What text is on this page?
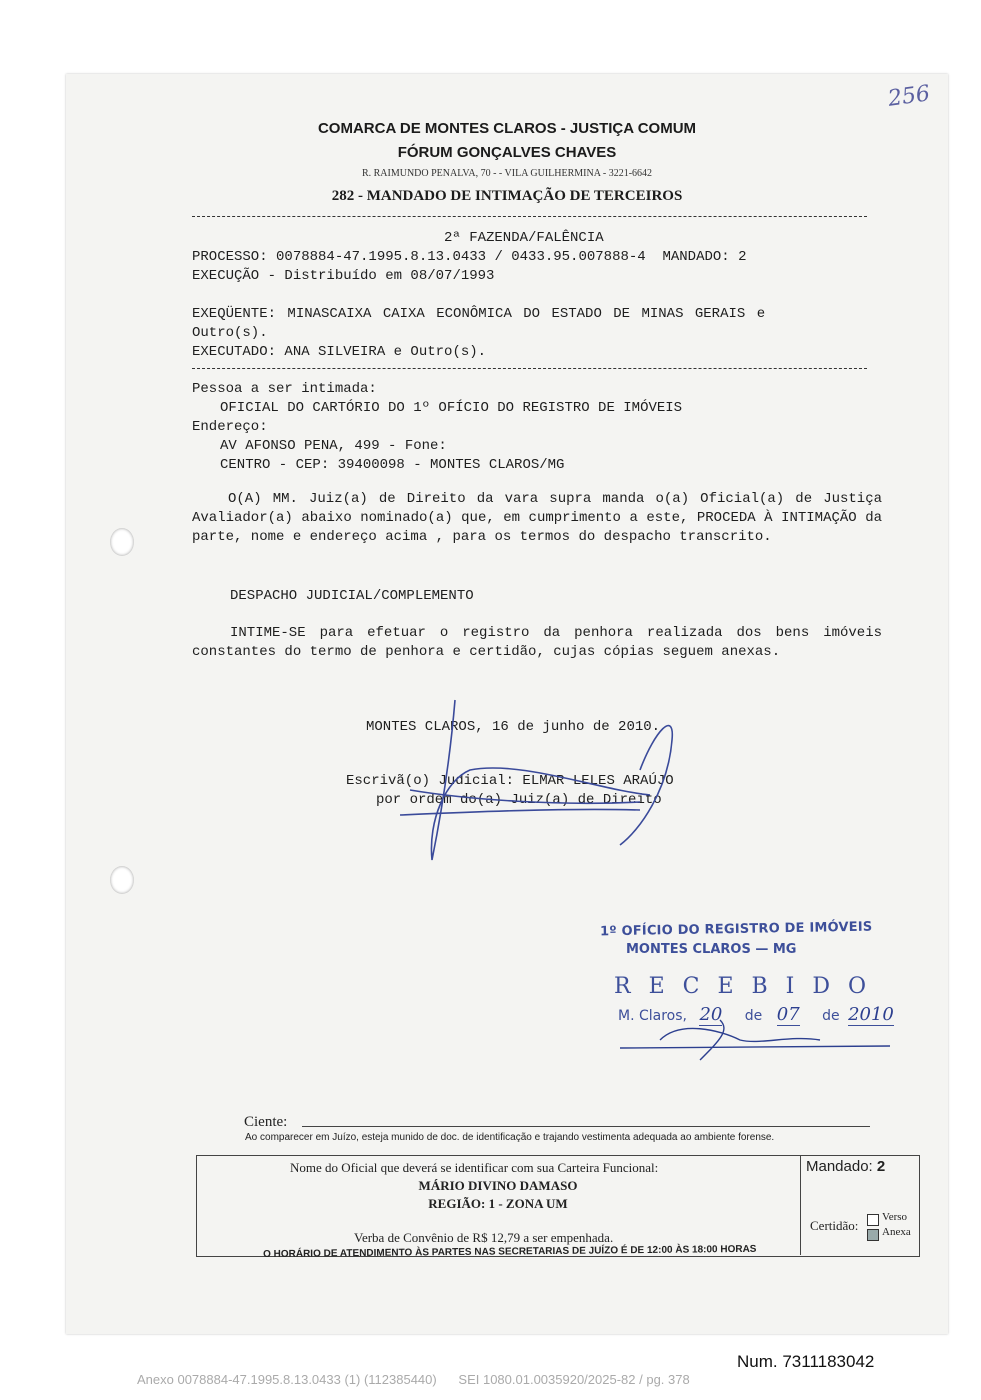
256
COMARCA DE MONTES CLAROS - JUSTIÇA COMUM
FÓRUM GONÇALVES CHAVES
R. RAIMUNDO PENALVA, 70 - - VILA GUILHERMINA - 3221-6642
282 - MANDADO DE INTIMAÇÃO DE TERCEIROS
2ª FAZENDA/FALÊNCIA
PROCESSO: 0078884-47.1995.8.13.0433 / 0433.95.007888-4  MANDADO: 2
EXECUÇÃO - Distribuído em 08/07/1993
EXEQÜENTE: MINASCAIXA CAIXA ECONÔMICA DO ESTADO DE MINAS GERAIS e
Outro(s).
EXECUTADO: ANA SILVEIRA e Outro(s).
Pessoa a ser intimada:
OFICIAL DO CARTÓRIO DO 1º OFÍCIO DO REGISTRO DE IMÓVEIS
Endereço:
AV AFONSO PENA, 499 - Fone:
CENTRO - CEP: 39400098 - MONTES CLAROS/MG
O(A) MM. Juiz(a) de Direito da vara supra manda o(a) Oficial(a) de Justiça Avaliador(a) abaixo nominado(a) que, em cumprimento a este, PROCEDA À INTIMAÇÃO da parte, nome e endereço acima , para os termos do despacho transcrito.
DESPACHO JUDICIAL/COMPLEMENTO
INTIME-SE para efetuar o registro da penhora realizada dos bens imóveis constantes do termo de penhora e certidão, cujas cópias seguem anexas.
MONTES CLAROS, 16 de junho de 2010.
Escrivã(o) Judicial: ELMAR LELES ARAÚJO
por ordem do(a) Juiz(a) de Direito
1º OFÍCIO DO REGISTRO DE IMÓVEIS
MONTES CLAROS — MG
RECEBIDO
M. Claros, 20 de 07 de 2010
Ciente:
Ao comparecer em Juízo, esteja munido de doc. de identificação e trajando vestimenta adequada ao ambiente forense.
Nome do Oficial que deverá se identificar com sua Carteira Funcional:
MÁRIO DIVINO DAMASO
REGIÃO: 1 - ZONA UM
Verba de Convênio de R$ 12,79 a ser empenhada.
Mandado: 2
Certidão:
Verso
Anexa
O HORÁRIO DE ATENDIMENTO ÀS PARTES NAS SECRETARIAS DE JUÍZO É DE 12:00 ÀS 18:00 HORAS
Num. 7311183042
Anexo 0078884-47.1995.8.13.0433 (1) (112385440) SEI 1080.01.0035920/2025-82 / pg. 378
